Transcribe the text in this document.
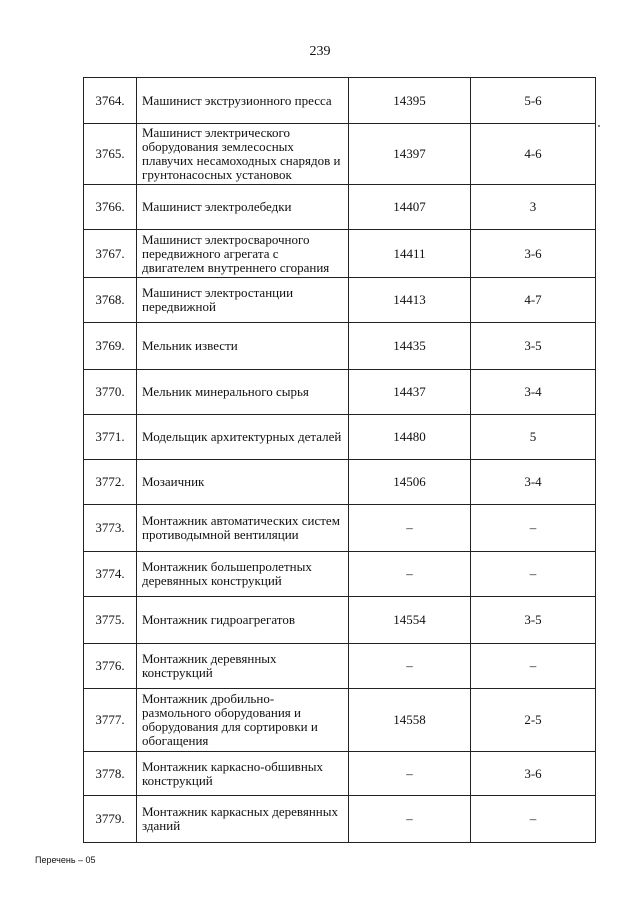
239
3764.	Машинист экструзионного пресса	14395	5-6
3765.	Машинист электрического оборудования землесосных плавучих несамоходных снарядов и грунтонасосных установок	14397	4-6
3766.	Машинист электролебедки	14407	3
3767.	Машинист электросварочного передвижного агрегата с двигателем внутреннего сгорания	14411	3-6
3768.	Машинист электростанции передвижной	14413	4-7
3769.	Мельник извести	14435	3-5
3770.	Мельник минерального сырья	14437	3-4
3771.	Модельщик архитектурных деталей	14480	5
3772.	Мозаичник	14506	3-4
3773.	Монтажник автоматических систем противодымной вентиляции	–	–
3774.	Монтажник большепролетных деревянных конструкций	–	–
3775.	Монтажник гидроагрегатов	14554	3-5
3776.	Монтажник деревянных конструкций	–	–
3777.	Монтажник дробильно-размольного оборудования и оборудования для сортировки и обогащения	14558	2-5
3778.	Монтажник каркасно-обшивных конструкций	–	3-6
3779.	Монтажник каркасных деревянных зданий	–	–
Перечень – 05
